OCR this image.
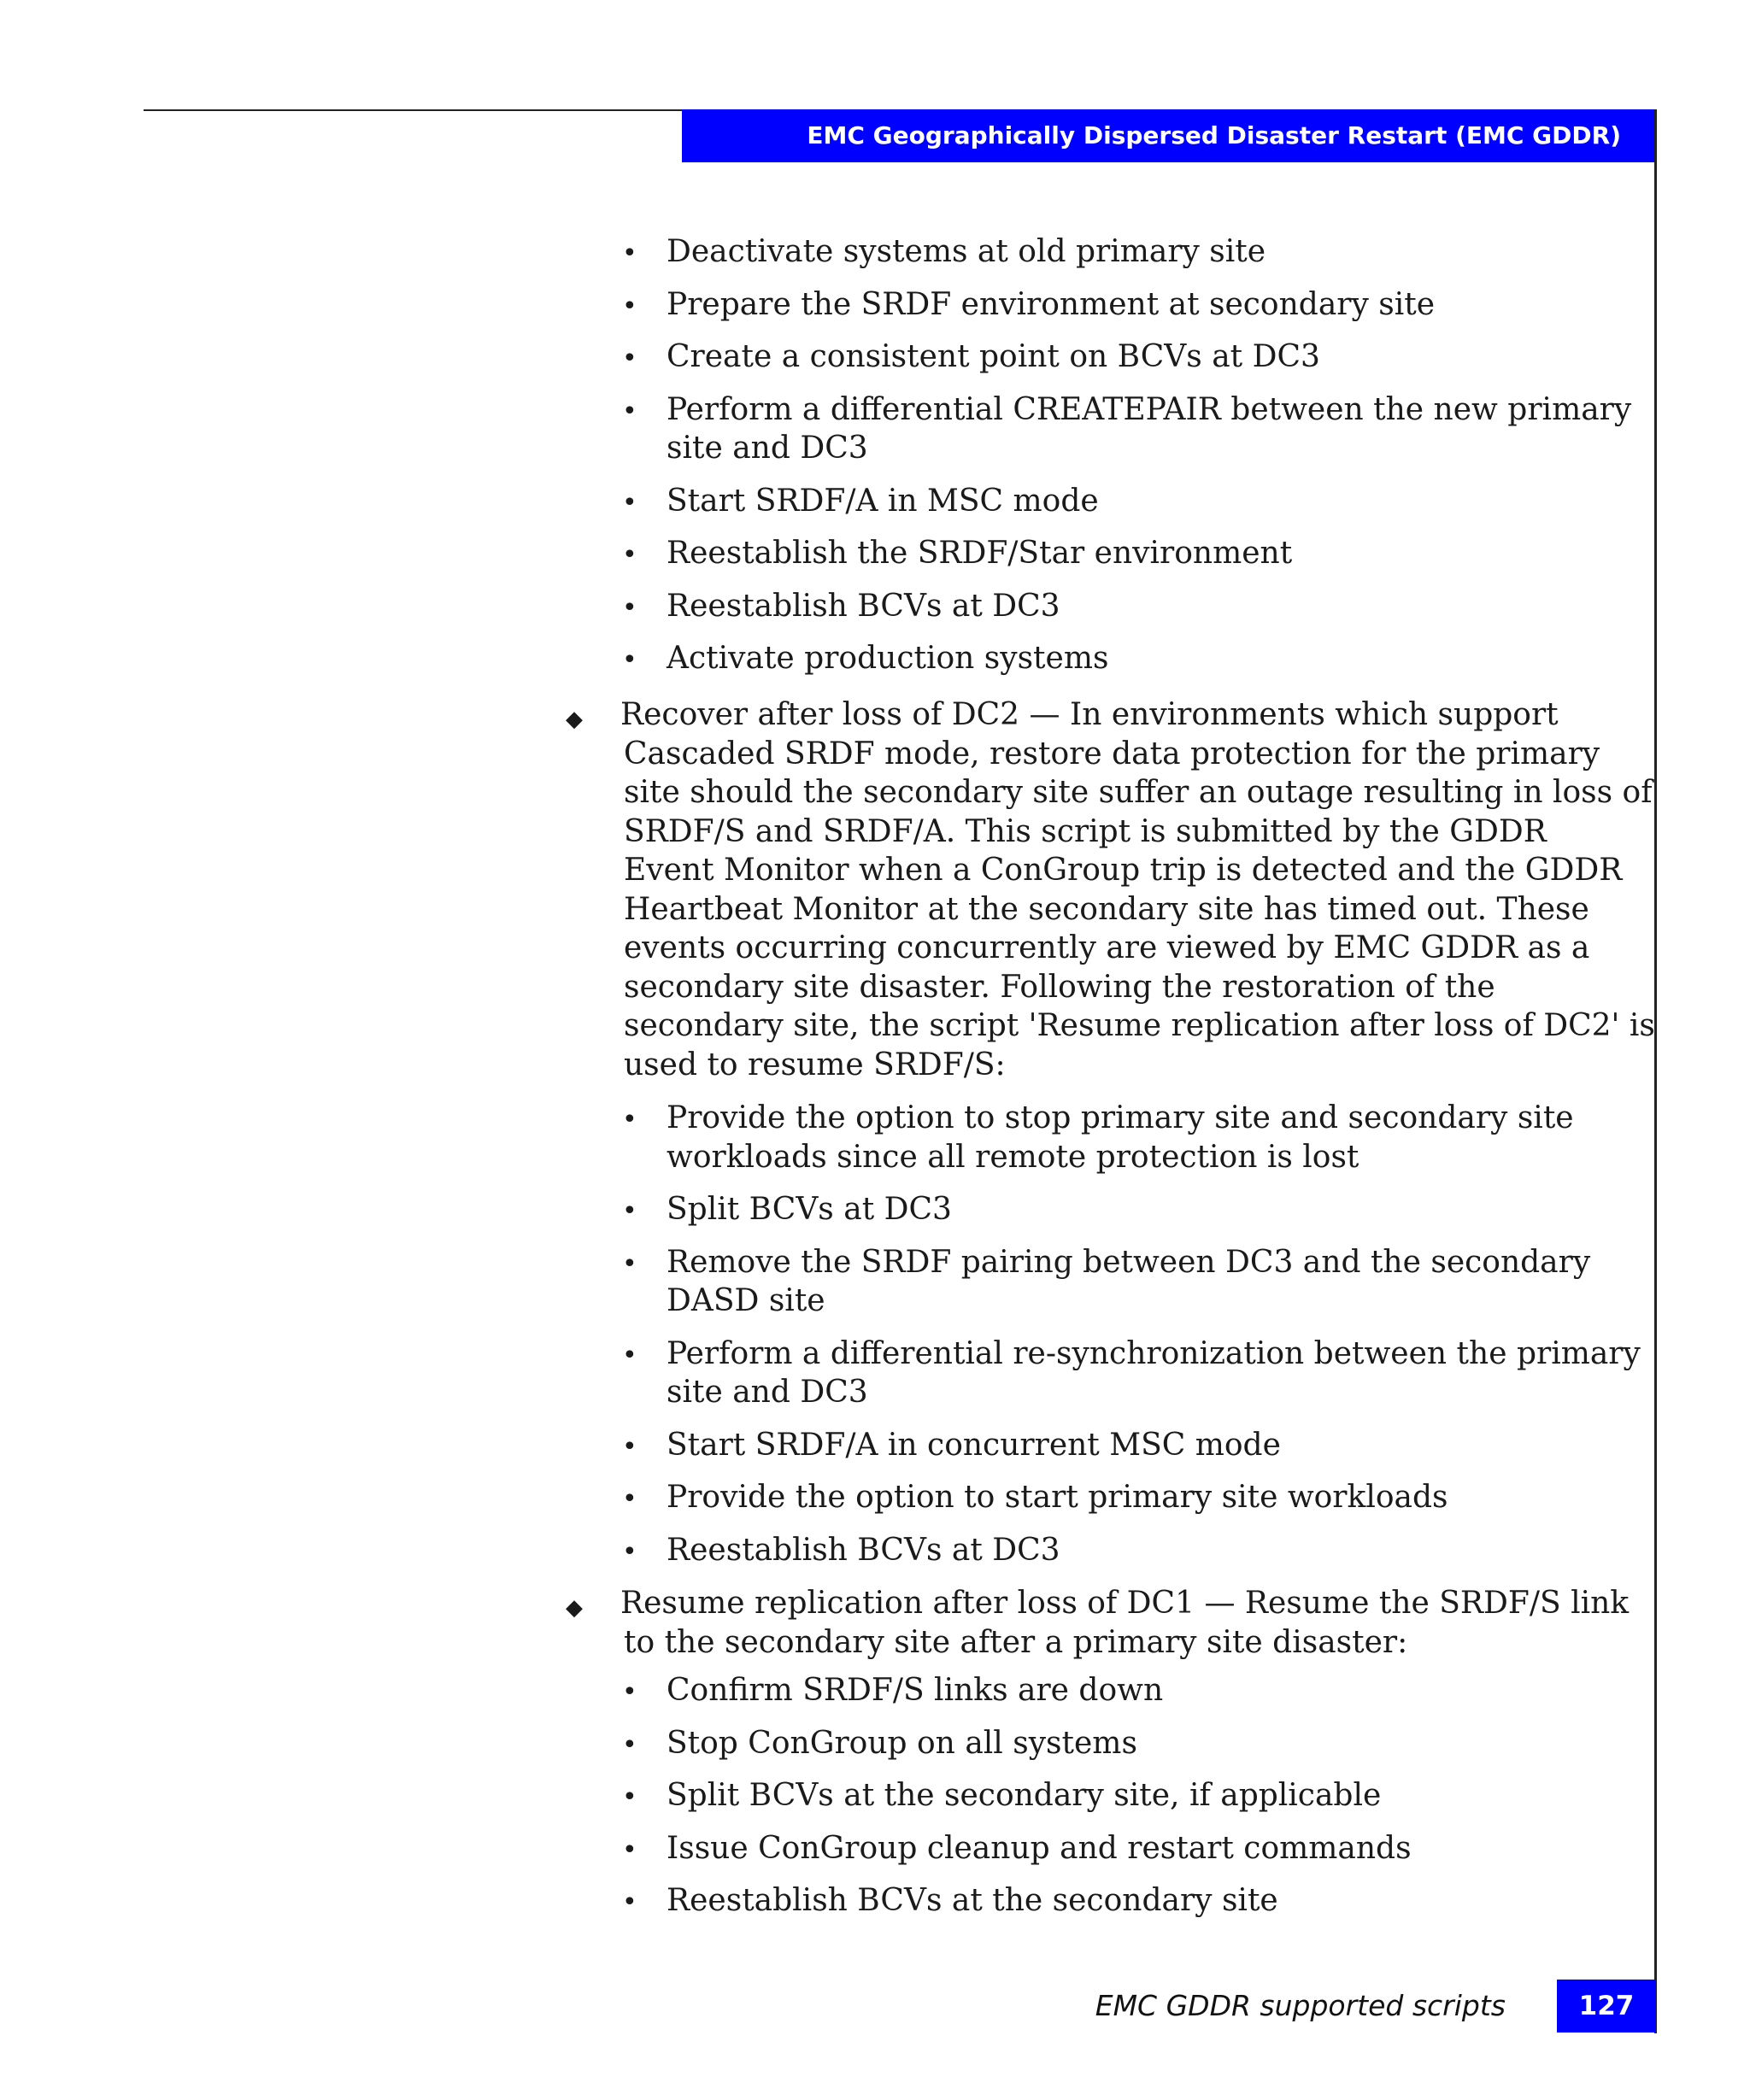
EMC Geographically Dispersed Disaster Restart (EMC GDDR)
• Deactivate systems at old primary site
• Prepare the SRDF environment at secondary site
• Create a consistent point on BCVs at DC3
• Perform a differential CREATEPAIR between the new primary
site and DC3
• Start SRDF/A in MSC mode
• Reestablish the SRDF/Star environment
• Reestablish BCVs at DC3
• Activate production systems
◆ Recover after loss of DC2 — In environments which support
Cascaded SRDF mode, restore data protection for the primary
site should the secondary site suffer an outage resulting in loss of
SRDF/S and SRDF/A. This script is submitted by the GDDR
Event Monitor when a ConGroup trip is detected and the GDDR
Heartbeat Monitor at the secondary site has timed out. These
events occurring concurrently are viewed by EMC GDDR as a
secondary site disaster. Following the restoration of the
secondary site, the script 'Resume replication after loss of DC2' is
used to resume SRDF/S:
• Provide the option to stop primary site and secondary site
workloads since all remote protection is lost
• Split BCVs at DC3
• Remove the SRDF pairing between DC3 and the secondary
DASD site
• Perform a differential re-synchronization between the primary
site and DC3
• Start SRDF/A in concurrent MSC mode
• Provide the option to start primary site workloads
• Reestablish BCVs at DC3
◆ Resume replication after loss of DC1 — Resume the SRDF/S link
to the secondary site after a primary site disaster:
• Confirm SRDF/S links are down
• Stop ConGroup on all systems
• Split BCVs at the secondary site, if applicable
• Issue ConGroup cleanup and restart commands
• Reestablish BCVs at the secondary site
EMC GDDR supported scripts	127
